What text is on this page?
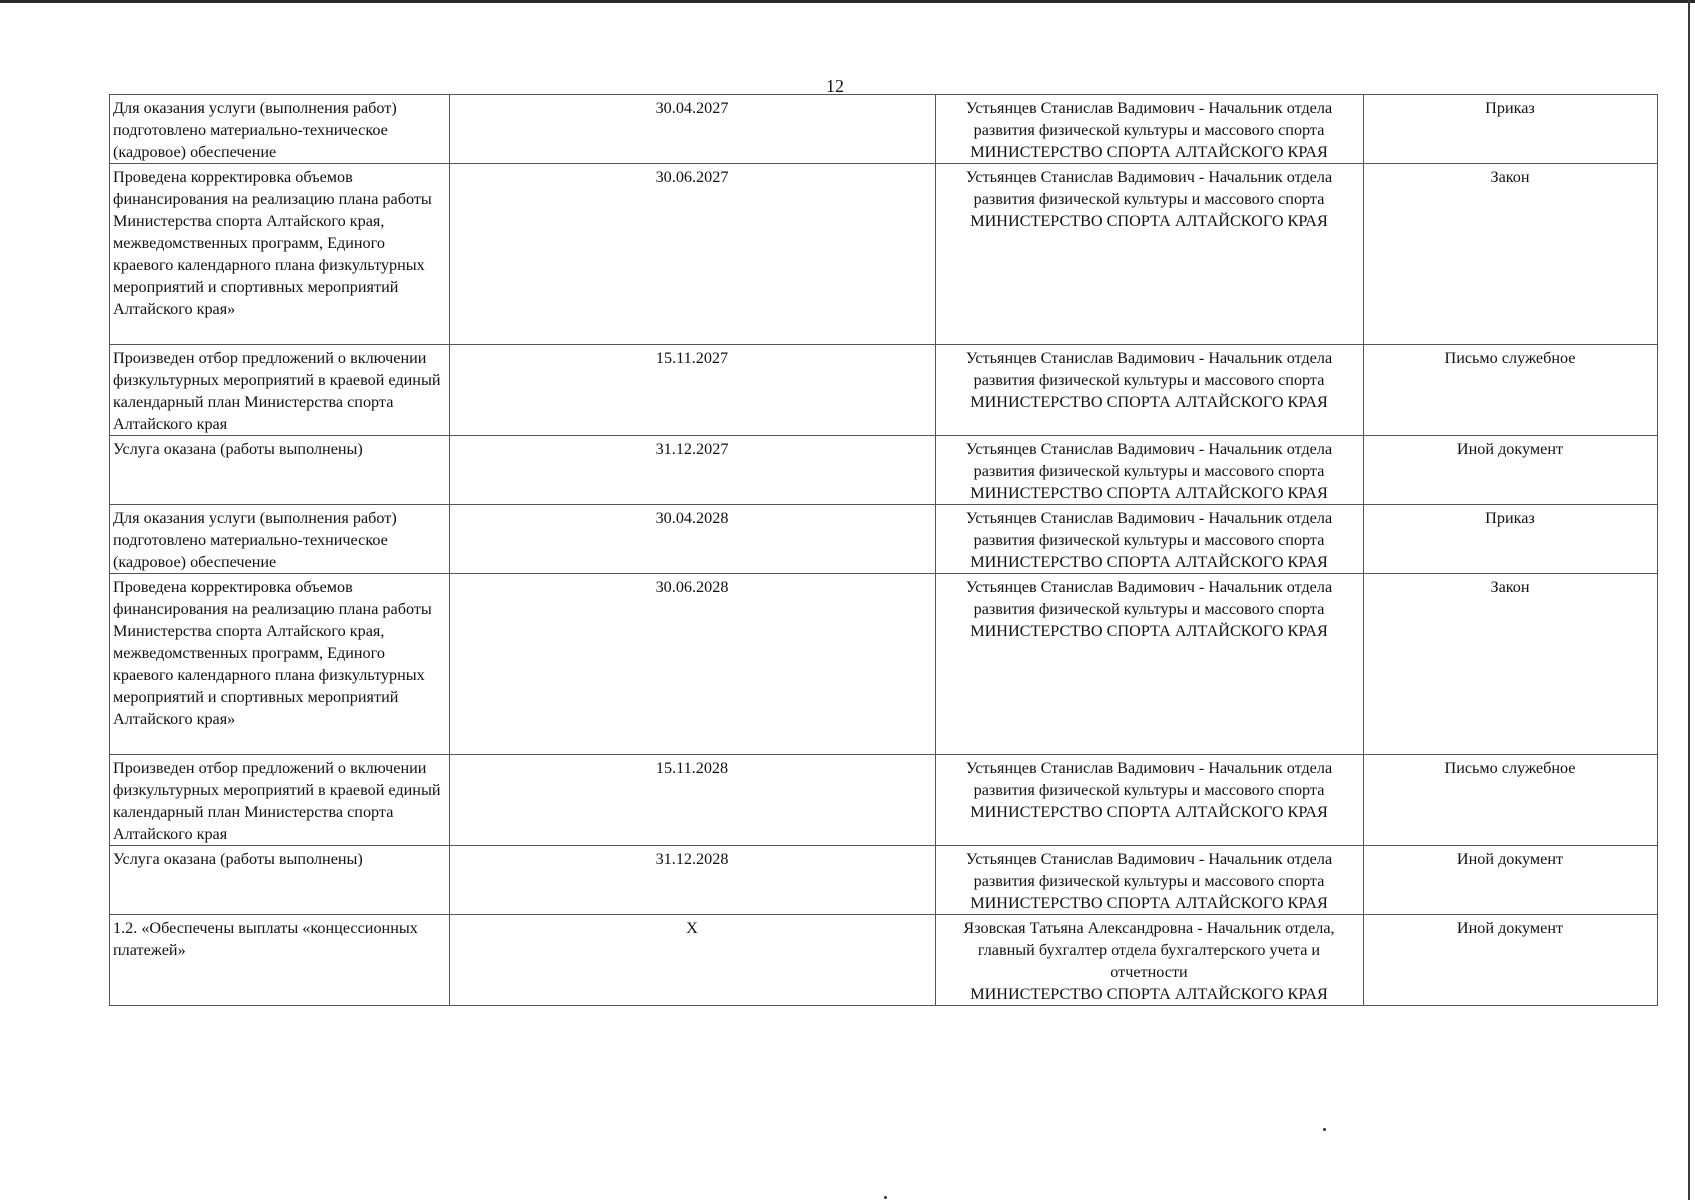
12
Для оказания услуги (выполнения работ) подготовлено материально-техническое (кадровое) обеспечение	30.04.2027	Устьянцев Станислав Вадимович - Начальник отдела развития физической культуры и массового спорта
МИНИСТЕРСТВО СПОРТА АЛТАЙСКОГО КРАЯ	Приказ
Проведена корректировка объемов финансирования на реализацию плана работы Министерства спорта Алтайского края, межведомственных программ, Единого краевого календарного плана физкультурных мероприятий и спортивных мероприятий Алтайского края»	30.06.2027	Устьянцев Станислав Вадимович - Начальник отдела развития физической культуры и массового спорта
МИНИСТЕРСТВО СПОРТА АЛТАЙСКОГО КРАЯ	Закон
Произведен отбор предложений о включении физкультурных мероприятий в краевой единый календарный план Министерства спорта Алтайского края	15.11.2027	Устьянцев Станислав Вадимович - Начальник отдела развития физической культуры и массового спорта
МИНИСТЕРСТВО СПОРТА АЛТАЙСКОГО КРАЯ	Письмо служебное
Услуга оказана (работы выполнены)	31.12.2027	Устьянцев Станислав Вадимович - Начальник отдела развития физической культуры и массового спорта
МИНИСТЕРСТВО СПОРТА АЛТАЙСКОГО КРАЯ	Иной документ
Для оказания услуги (выполнения работ) подготовлено материально-техническое (кадровое) обеспечение	30.04.2028	Устьянцев Станислав Вадимович - Начальник отдела развития физической культуры и массового спорта
МИНИСТЕРСТВО СПОРТА АЛТАЙСКОГО КРАЯ	Приказ
Проведена корректировка объемов финансирования на реализацию плана работы Министерства спорта Алтайского края, межведомственных программ, Единого краевого календарного плана физкультурных мероприятий и спортивных мероприятий Алтайского края»	30.06.2028	Устьянцев Станислав Вадимович - Начальник отдела развития физической культуры и массового спорта
МИНИСТЕРСТВО СПОРТА АЛТАЙСКОГО КРАЯ	Закон
Произведен отбор предложений о включении физкультурных мероприятий в краевой единый календарный план Министерства спорта Алтайского края	15.11.2028	Устьянцев Станислав Вадимович - Начальник отдела развития физической культуры и массового спорта
МИНИСТЕРСТВО СПОРТА АЛТАЙСКОГО КРАЯ	Письмо служебное
Услуга оказана (работы выполнены)	31.12.2028	Устьянцев Станислав Вадимович - Начальник отдела развития физической культуры и массового спорта
МИНИСТЕРСТВО СПОРТА АЛТАЙСКОГО КРАЯ	Иной документ
1.2. «Обеспечены выплаты «концессионных платежей»	X	Язовская Татьяна Александровна - Начальник отдела, главный бухгалтер отдела бухгалтерского учета и отчетности
МИНИСТЕРСТВО СПОРТА АЛТАЙСКОГО КРАЯ	Иной документ
